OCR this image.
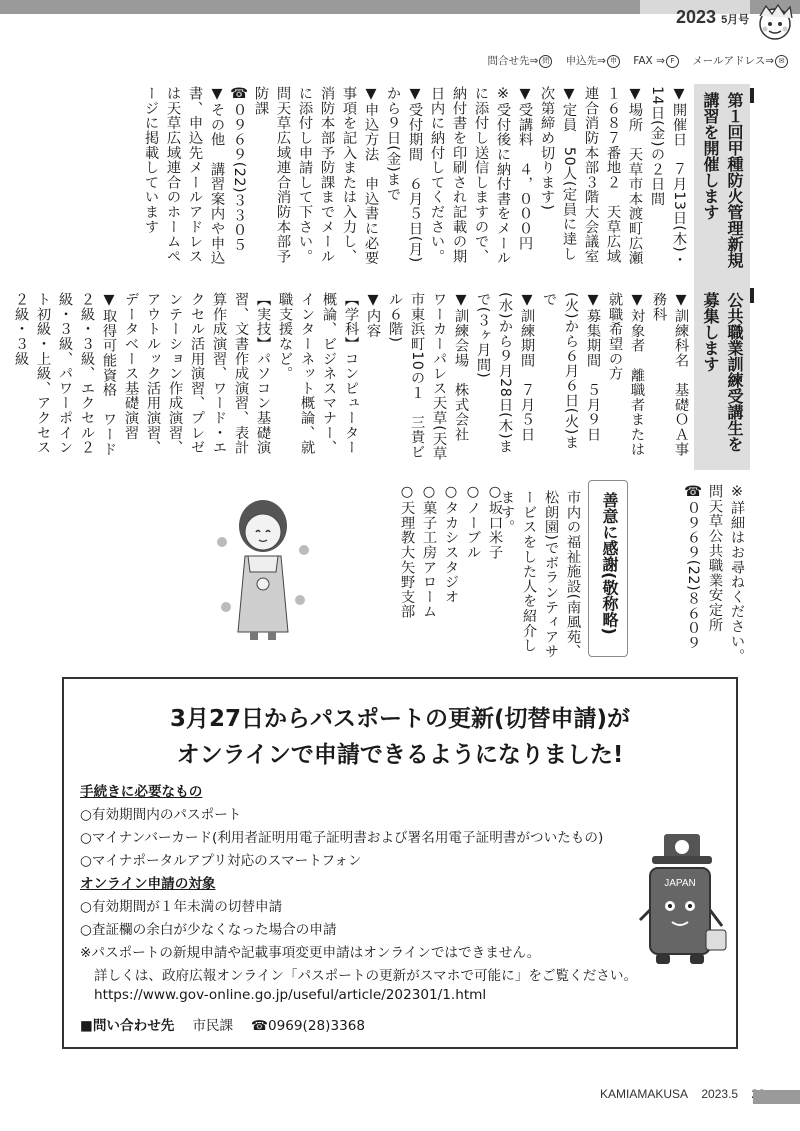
2023 5月号
問合せ先⇒ 問 申込先⇒ 申 FAX ⇒ F メールアドレス⇒ ✉
第１回甲種防火管理新規講習を開催します

▼開催日　７月13日(木)・14日(金)の２日間

▼場所　天草市本渡町広瀬１６８７番地２　天草広域連合消防本部３階大会議室

▼定員　50人(定員に達し次第締め切ります)

▼受講料　４，０００円　※受付後に納付書をメールに添付し送信しますので、納付書を印刷され記載の期日内に納付してください。

▼受付期間　６月５日(月)から９日(金)まで

▼申込方法　申込書に必要事項を記入または入力し、消防本部予防課までメールに添付し申請して下さい。

問天草広域連合消防本部予防課

☎０９６９(22)３３０５

▼その他　講習案内や申込書、申込先メールアドレスは天草広域連合のホームページに掲載しています

公共職業訓練受講生を募集します

▼訓練科名　基礎ＯＡ事務科

▼対象者　離職者または就職希望の方

▼募集期間　５月９日(火)から６月６日(火)まで

▼訓練期間　７月５日(水)から９月28日(木)まで(３ヶ月間)

▼訓練会場　株式会社　ワーカーパレス天草(天草市東浜町10の１　三貴ビル６階)

▼内容

【学科】コンピューター概論、ビジネスマナー、インターネット概論、就職支援など。

【実技】パソコン基礎演習、文書作成演習、表計算作成演習、ワード・エクセル活用演習、プレゼンテーション作成演習、アウトルック活用演習、データベース基礎演習

▼取得可能資格　ワード２級・３級、エクセル２級・３級、パワーポイント初級・上級、アクセス２級・３級

※詳細はお尋ねください。

問天草公共職業安定所

☎０９６９(22)８６０９

善意に感謝(敬称略)

市内の福祉施設(南風苑、松朗園)でボランティアサービスをした人を紹介します。

○坂口米子

○ノーブル

○タカシスタジオ

○菓子工房アローム

○天理教大矢野支部

3月27日からパスポートの更新(切替申請)が
オンラインで申請できるようになりました!
手続きに必要なもの
○有効期間内のパスポート
○マイナンバーカード(利用者証明用電子証明書および署名用電子証明書がついたもの)
○マイナポータルアプリ対応のスマートフォン
オンライン申請の対象
○有効期間が１年未満の切替申請
○査証欄の余白が少なくなった場合の申請
※パスポートの新規申請や記載事項変更申請はオンラインではできません。
詳しくは、政府広報オンライン「パスポートの更新がスマホで可能に」をご覧ください。
https://www.gov-online.go.jp/useful/article/202301/1.html
■問い合わせ先　 市民課　 ☎0969(28)3368
JAPAN
KAMIAMAKUSA 2023.5
